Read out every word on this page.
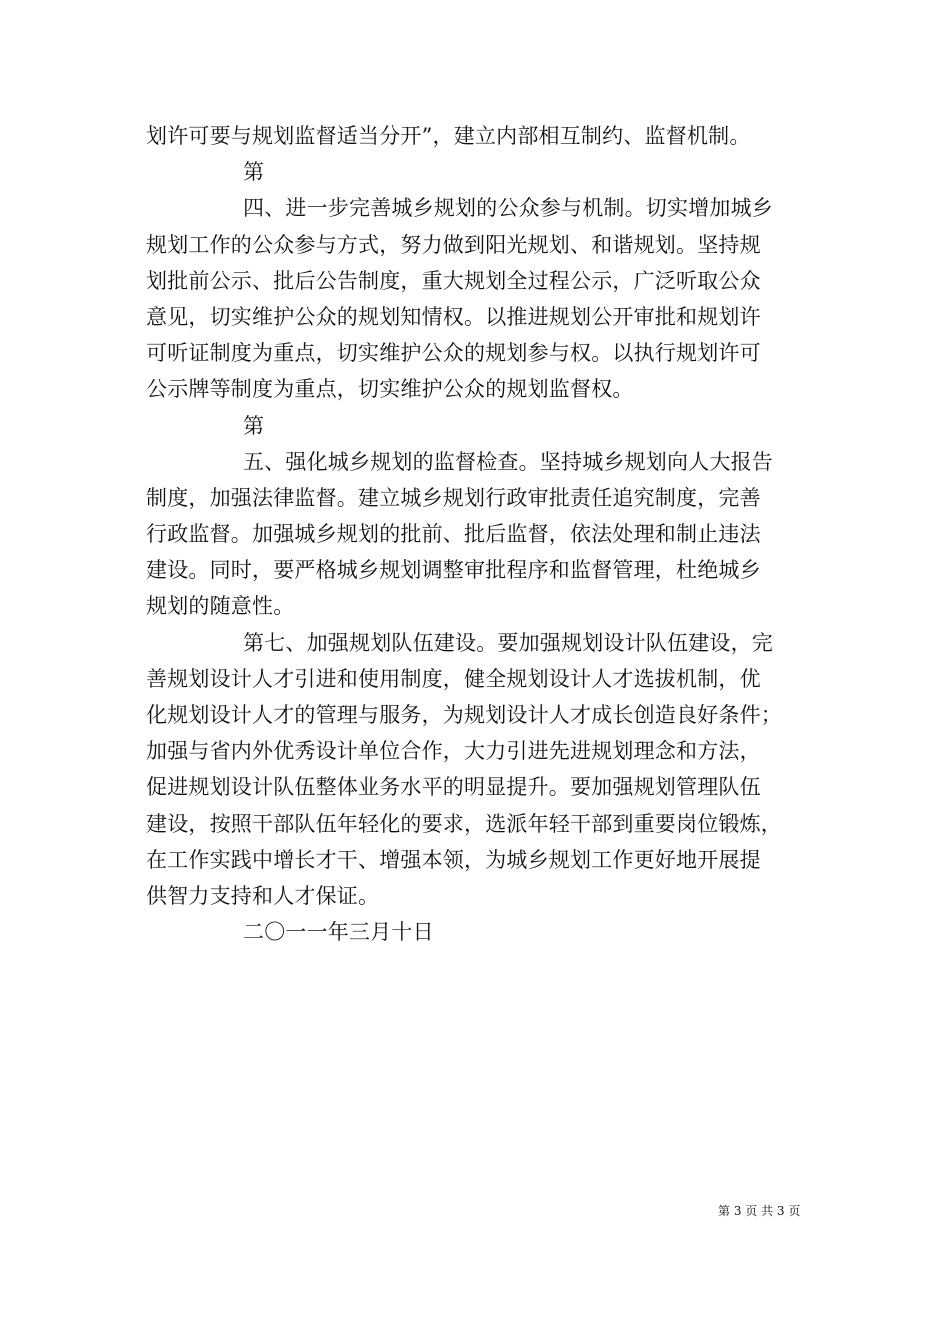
划许可要与规划监督适当分开”，建立内部相互制约、监督机制。
第
四、进一步完善城乡规划的公众参与机制。切实增加城乡
规划工作的公众参与方式，努力做到阳光规划、和谐规划。坚持规
划批前公示、批后公告制度，重大规划全过程公示，广泛听取公众
意见，切实维护公众的规划知情权。以推进规划公开审批和规划许
可听证制度为重点，切实维护公众的规划参与权。以执行规划许可
公示牌等制度为重点，切实维护公众的规划监督权。
第
五、强化城乡规划的监督检查。坚持城乡规划向人大报告
制度，加强法律监督。建立城乡规划行政审批责任追究制度，完善
行政监督。加强城乡规划的批前、批后监督，依法处理和制止违法
建设。同时，要严格城乡规划调整审批程序和监督管理，杜绝城乡
规划的随意性。
第七、加强规划队伍建设。要加强规划设计队伍建设，完
善规划设计人才引进和使用制度，健全规划设计人才选拔机制，优
化规划设计人才的管理与服务，为规划设计人才成长创造良好条件；
加强与省内外优秀设计单位合作，大力引进先进规划理念和方法，
促进规划设计队伍整体业务水平的明显提升。要加强规划管理队伍
建设，按照干部队伍年轻化的要求，选派年轻干部到重要岗位锻炼，
在工作实践中增长才干、增强本领，为城乡规划工作更好地开展提
供智力支持和人才保证。
二〇一一年三月十日
第 3 页 共 3 页
